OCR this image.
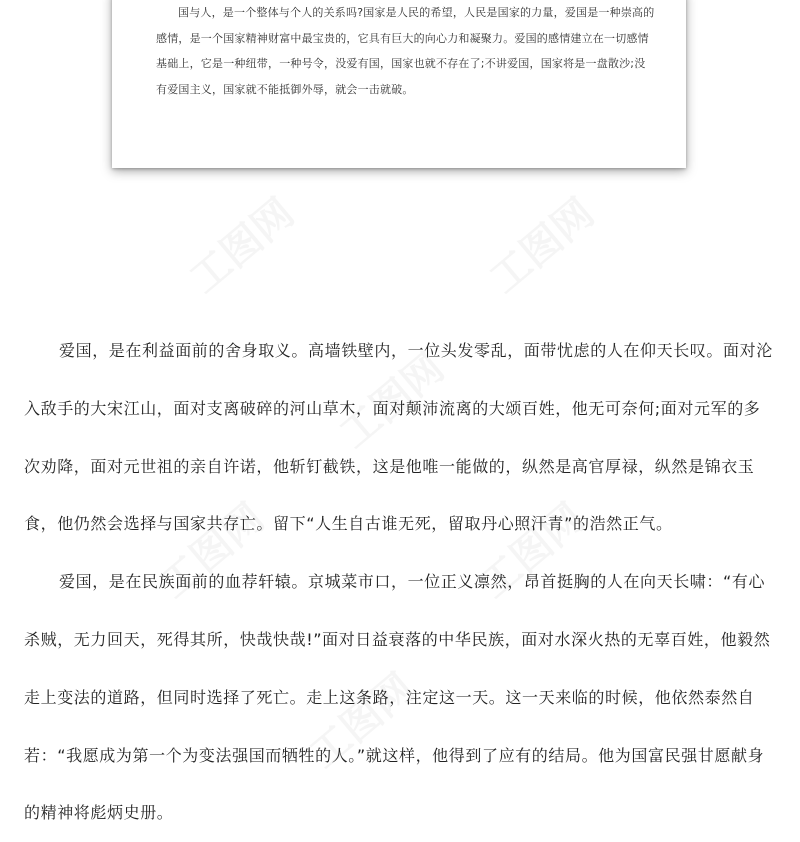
工图网	工图网
工图网
工图网	工图网
工图网

国与人，是一个整体与个人的关系吗?国家是人民的希望，人民是国家的力量，爱国是一种崇高的感情，是一个国家精神财富中最宝贵的，它具有巨大的向心力和凝聚力。爱国的感情建立在一切感情基础上，它是一种纽带，一种号令，没爱有国，国家也就不存在了;不讲爱国，国家将是一盘散沙;没有爱国主义，国家就不能抵御外辱，就会一击就破。

爱国，是在利益面前的舍身取义。高墙铁壁内，一位头发零乱，面带忧虑的人在仰天长叹。面对沦入敌手的大宋江山，面对支离破碎的河山草木，面对颠沛流离的大颂百姓，他无可奈何;面对元军的多次劝降，面对元世祖的亲自许诺，他斩钉截铁，这是他唯一能做的，纵然是高官厚禄，纵然是锦衣玉食，他仍然会选择与国家共存亡。留下“人生自古谁无死，留取丹心照汗青”的浩然正气。

爱国，是在民族面前的血荐轩辕。京城菜市口，一位正义凛然，昂首挺胸的人在向天长啸：“有心杀贼，无力回天，死得其所，快哉快哉!”面对日益衰落的中华民族，面对水深火热的无辜百姓，他毅然走上变法的道路，但同时选择了死亡。走上这条路，注定这一天。这一天来临的时候，他依然泰然自若：“我愿成为第一个为变法强国而牺牲的人。”就这样，他得到了应有的结局。他为国富民强甘愿献身的精神将彪炳史册。
